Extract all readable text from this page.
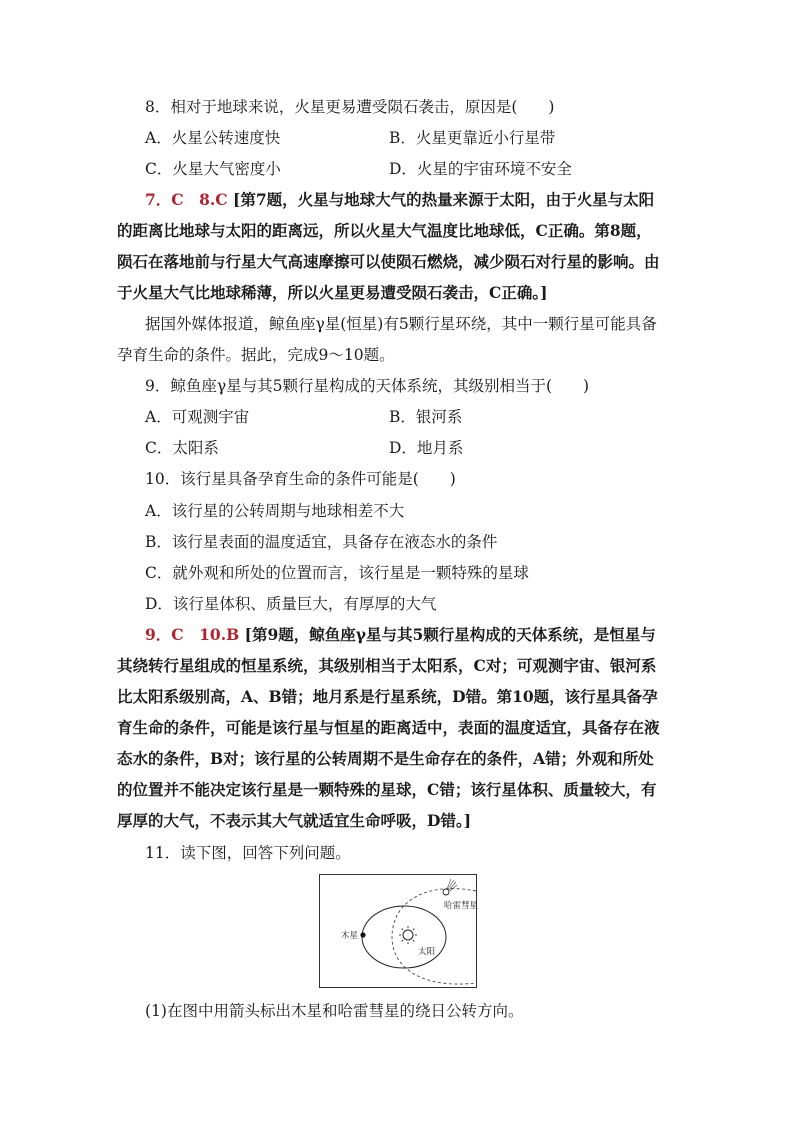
8．相对于地球来说，火星更易遭受陨石袭击，原因是(　　)
A．火星公转速度快	B．火星更靠近小行星带
C．火星大气密度小	D．火星的宇宙环境不安全
7．C　8.C [第7题，火星与地球大气的热量来源于太阳，由于火星与太阳
的距离比地球与太阳的距离远，所以火星大气温度比地球低，C正确。第8题，
陨石在落地前与行星大气高速摩擦可以使陨石燃烧，减少陨石对行星的影响。由
于火星大气比地球稀薄，所以火星更易遭受陨石袭击，C正确。]
据国外媒体报道，鲸鱼座γ星(恒星)有5颗行星环绕，其中一颗行星可能具备
孕育生命的条件。据此，完成9～10题。
9．鲸鱼座γ星与其5颗行星构成的天体系统，其级别相当于(　　)
A．可观测宇宙	B．银河系
C．太阳系	D．地月系
10．该行星具备孕育生命的条件可能是(　　)
A．该行星的公转周期与地球相差不大
B．该行星表面的温度适宜，具备存在液态水的条件
C．就外观和所处的位置而言，该行星是一颗特殊的星球
D．该行星体积、质量巨大，有厚厚的大气
9．C　10.B [第9题，鲸鱼座γ星与其5颗行星构成的天体系统，是恒星与
其绕转行星组成的恒星系统，其级别相当于太阳系，C对；可观测宇宙、银河系
比太阳系级别高，A、B错；地月系是行星系统，D错。第10题，该行星具备孕
育生命的条件，可能是该行星与恒星的距离适中，表面的温度适宜，具备存在液
态水的条件，B对；该行星的公转周期不是生命存在的条件，A错；外观和所处
的位置并不能决定该行星是一颗特殊的星球，C错；该行星体积、质量较大，有
厚厚的大气，不表示其大气就适宜生命呼吸，D错。]
11．读下图，回答下列问题。
木星
哈雷彗星
太阳
(1)在图中用箭头标出木星和哈雷彗星的绕日公转方向。
